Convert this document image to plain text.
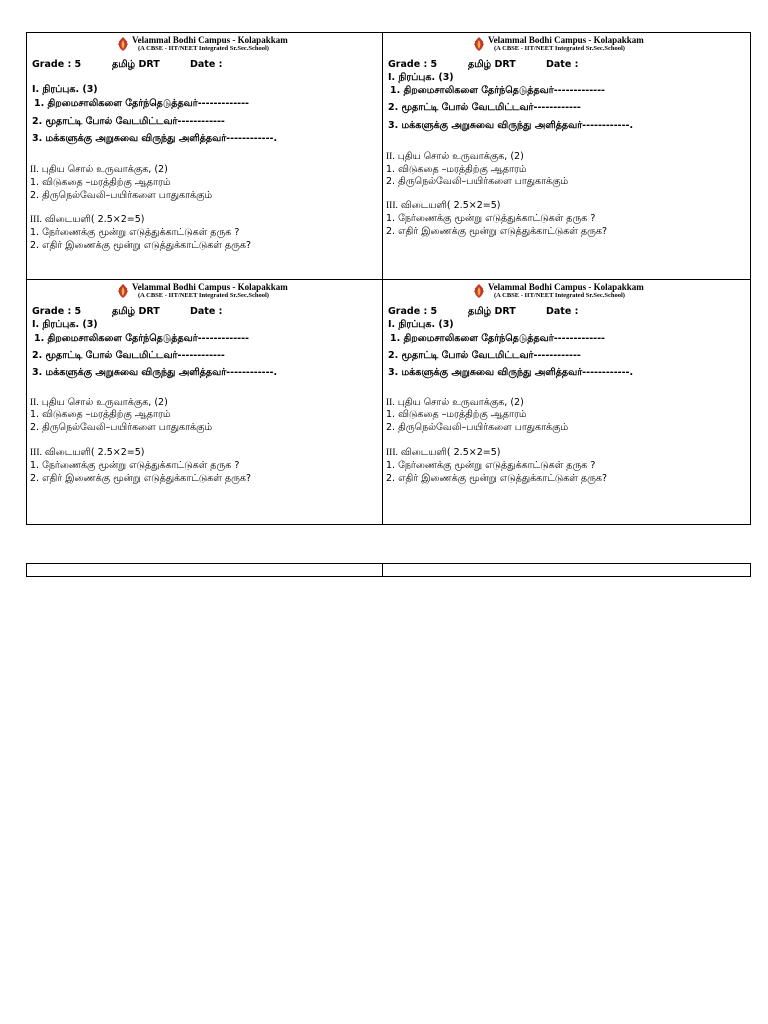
Velammal Bodhi Campus - Kolapakkam
(A CBSE - IIT/NEET Integrated Sr.Sec.School)
Grade : 5	தமிழ் DRT	Date :
I. நிரப்புக. (3)
1. திறமைசாலிகளை தேர்ந்தெடுத்தவர்-------------
2. மூதாட்டி போல் வேடமிட்டவர்------------
3. மக்களுக்கு அறுசுவை விருந்து அளித்தவர்------------.
II. புதிய சொல் உருவாக்குக, (2)
1. விடுகதை –மரத்திற்கு ஆதாரம்
2. திருநெல்வேலி–பயிர்களை பாதுகாக்கும்
III. விடையளி( 2.5×2=5)
1. நேர்ணைக்கு மூன்று எடுத்துக்காட்டுகள் தருக ?
2. எதிர் இணைக்கு மூன்று எடுத்துக்காட்டுகள் தருக?
Velammal Bodhi Campus - Kolapakkam
(A CBSE - IIT/NEET Integrated Sr.Sec.School)
Grade : 5	தமிழ் DRT	Date :
I. நிரப்புக. (3)
1. திறமைசாலிகளை தேர்ந்தெடுத்தவர்-------------
2. மூதாட்டி போல் வேடமிட்டவர்------------
3. மக்களுக்கு அறுசுவை விருந்து அளித்தவர்------------.
II. புதிய சொல் உருவாக்குக, (2)
1. விடுகதை –மரத்திற்கு ஆதாரம்
2. திருநெல்வேலி–பயிர்களை பாதுகாக்கும்
III. விடையளி( 2.5×2=5)
1. நேர்ணைக்கு மூன்று எடுத்துக்காட்டுகள் தருக ?
2. எதிர் இணைக்கு மூன்று எடுத்துக்காட்டுகள் தருக?
Velammal Bodhi Campus - Kolapakkam
(A CBSE - IIT/NEET Integrated Sr.Sec.School)
Grade : 5	தமிழ் DRT	Date :
I. நிரப்புக. (3)
1. திறமைசாலிகளை தேர்ந்தெடுத்தவர்-------------
2. மூதாட்டி போல் வேடமிட்டவர்------------
3. மக்களுக்கு அறுசுவை விருந்து அளித்தவர்------------.
II. புதிய சொல் உருவாக்குக, (2)
1. விடுகதை –மரத்திற்கு ஆதாரம்
2. திருநெல்வேலி–பயிர்களை பாதுகாக்கும்
III. விடையளி( 2.5×2=5)
1. நேர்ணைக்கு மூன்று எடுத்துக்காட்டுகள் தருக ?
2. எதிர் இணைக்கு மூன்று எடுத்துக்காட்டுகள் தருக?
Velammal Bodhi Campus - Kolapakkam
(A CBSE - IIT/NEET Integrated Sr.Sec.School)
Grade : 5	தமிழ் DRT	Date :
I. நிரப்புக. (3)
1. திறமைசாலிகளை தேர்ந்தெடுத்தவர்-------------
2. மூதாட்டி போல் வேடமிட்டவர்------------
3. மக்களுக்கு அறுசுவை விருந்து அளித்தவர்------------.
II. புதிய சொல் உருவாக்குக, (2)
1. விடுகதை –மரத்திற்கு ஆதாரம்
2. திருநெல்வேலி–பயிர்களை பாதுகாக்கும்
III. விடையளி( 2.5×2=5)
1. நேர்ணைக்கு மூன்று எடுத்துக்காட்டுகள் தருக ?
2. எதிர் இணைக்கு மூன்று எடுத்துக்காட்டுகள் தருக?
